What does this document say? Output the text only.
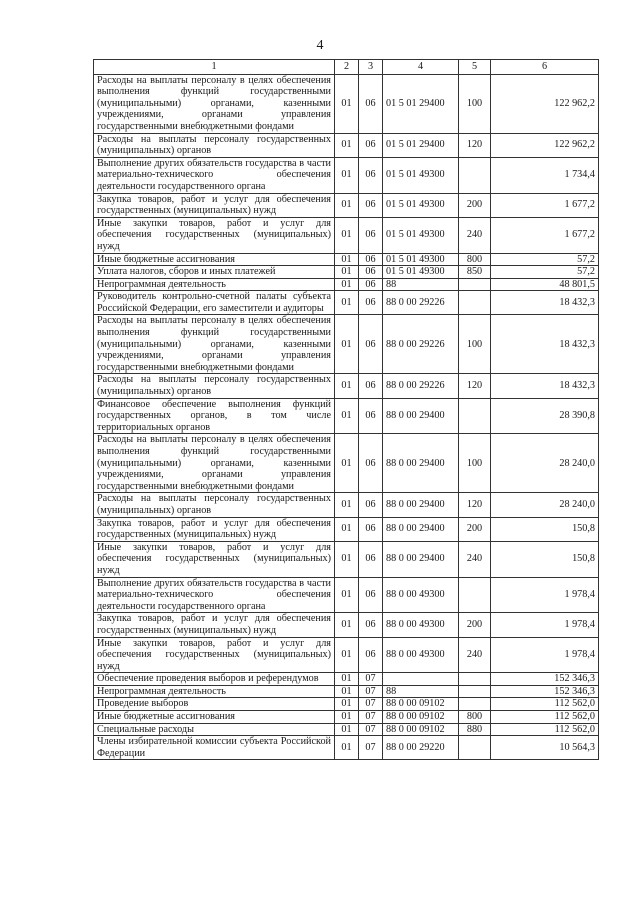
4
1	2	3	4	5	6
Расходы на выплаты персоналу в целях обеспечения выполнения функций государственными (муниципальными) органами, казенными учреждениями, органами управления государственными внебюджетными фондами	01	06	01 5 01 29400	100	122 962,2
Расходы на выплаты персоналу государственных (муниципальных) органов	01	06	01 5 01 29400	120	122 962,2
Выполнение других обязательств государства в части материально-технического обеспечения деятельности государственного органа	01	06	01 5 01 49300		1 734,4
Закупка товаров, работ и услуг для обеспечения государственных (муниципальных) нужд	01	06	01 5 01 49300	200	1 677,2
Иные закупки товаров, работ и услуг для обеспечения государственных (муниципальных) нужд	01	06	01 5 01 49300	240	1 677,2
Иные бюджетные ассигнования	01	06	01 5 01 49300	800	57,2
Уплата налогов, сборов и иных платежей	01	06	01 5 01 49300	850	57,2
Непрограммная деятельность	01	06	88		48 801,5
Руководитель контрольно-счетной палаты субъекта Российской Федерации, его заместители и аудиторы	01	06	88 0 00 29226		18 432,3
Расходы на выплаты персоналу в целях обеспечения выполнения функций государственными (муниципальными) органами, казенными учреждениями, органами управления государственными внебюджетными фондами	01	06	88 0 00 29226	100	18 432,3
Расходы на выплаты персоналу государственных (муниципальных) органов	01	06	88 0 00 29226	120	18 432,3
Финансовое обеспечение выполнения функций государственных органов, в том числе территориальных органов	01	06	88 0 00 29400		28 390,8
Расходы на выплаты персоналу в целях обеспечения выполнения функций государственными (муниципальными) органами, казенными учреждениями, органами управления государственными внебюджетными фондами	01	06	88 0 00 29400	100	28 240,0
Расходы на выплаты персоналу государственных (муниципальных) органов	01	06	88 0 00 29400	120	28 240,0
Закупка товаров, работ и услуг для обеспечения государственных (муниципальных) нужд	01	06	88 0 00 29400	200	150,8
Иные закупки товаров, работ и услуг для обеспечения государственных (муниципальных) нужд	01	06	88 0 00 29400	240	150,8
Выполнение других обязательств государства в части материально-технического обеспечения деятельности государственного органа	01	06	88 0 00 49300		1 978,4
Закупка товаров, работ и услуг для обеспечения государственных (муниципальных) нужд	01	06	88 0 00 49300	200	1 978,4
Иные закупки товаров, работ и услуг для обеспечения государственных (муниципальных) нужд	01	06	88 0 00 49300	240	1 978,4
Обеспечение проведения выборов и референдумов	01	07			152 346,3
Непрограммная деятельность	01	07	88		152 346,3
Проведение выборов	01	07	88 0 00 09102		112 562,0
Иные бюджетные ассигнования	01	07	88 0 00 09102	800	112 562,0
Специальные расходы	01	07	88 0 00 09102	880	112 562,0
Члены избирательной комиссии субъекта Российской Федерации	01	07	88 0 00 29220		10 564,3
